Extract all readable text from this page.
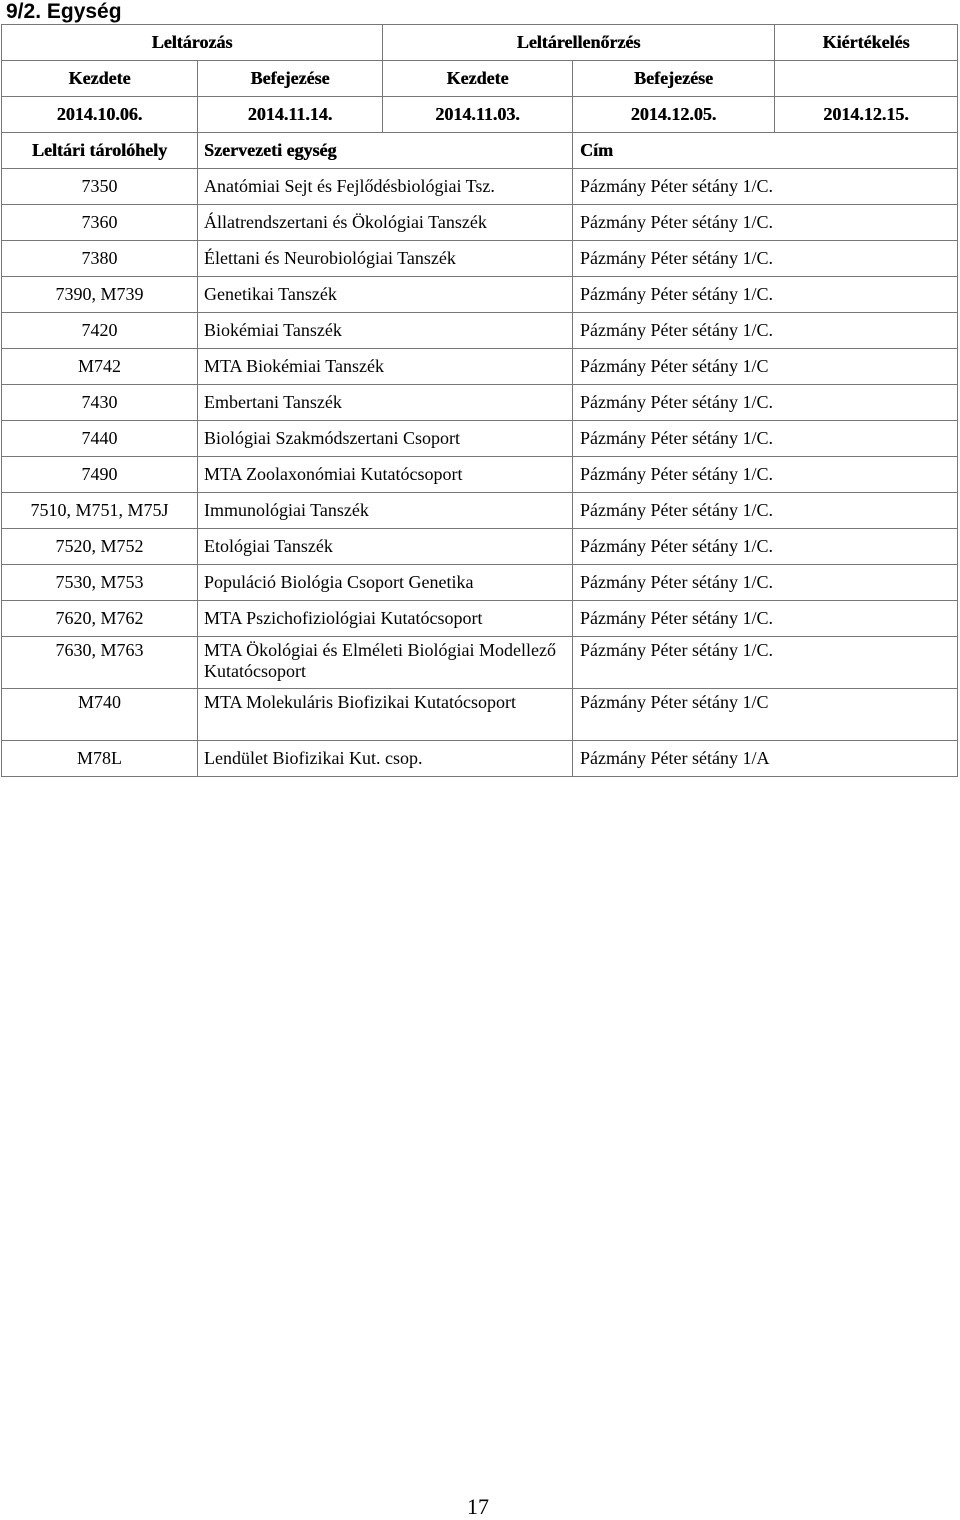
9/2. Egység
Leltározás		Leltárellenőrzés		Kiértékelés
Kezdete	Befejezése	Kezdete	Befejezése	
2014.10.06.	2014.11.14.	2014.11.03.	2014.12.05.	2014.12.15.
Leltári tárolóhely	Szervezeti egység		Cím	
7350	Anatómiai Sejt és Fejlődésbiológiai Tsz.		Pázmány Péter sétány 1/C.	
7360	Állatrendszertani és Ökológiai Tanszék		Pázmány Péter sétány 1/C.	
7380	Élettani és Neurobiológiai Tanszék		Pázmány Péter sétány 1/C.	
7390, M739	Genetikai Tanszék		Pázmány Péter sétány 1/C.	
7420	Biokémiai Tanszék		Pázmány Péter sétány 1/C.	
M742	MTA Biokémiai Tanszék		Pázmány Péter sétány 1/C	
7430	Embertani Tanszék		Pázmány Péter sétány 1/C.	
7440	Biológiai Szakmódszertani Csoport		Pázmány Péter sétány 1/C.	
7490	MTA Zoolaxonómiai Kutatócsoport		Pázmány Péter sétány 1/C.	
7510, M751, M75J	Immunológiai Tanszék		Pázmány Péter sétány 1/C.	
7520, M752	Etológiai Tanszék		Pázmány Péter sétány 1/C.	
7530, M753	Populáció Biológia Csoport Genetika		Pázmány Péter sétány 1/C.	
7620, M762	MTA Pszichofiziológiai Kutatócsoport		Pázmány Péter sétány 1/C.	
7630, M763	MTA Ökológiai és Elméleti Biológiai Modellező Kutatócsoport		Pázmány Péter sétány 1/C.	
M740	MTA Molekuláris Biofizikai Kutatócsoport		Pázmány Péter sétány 1/C	
M78L	Lendület Biofizikai Kut. csop.		Pázmány Péter sétány 1/A	
17
